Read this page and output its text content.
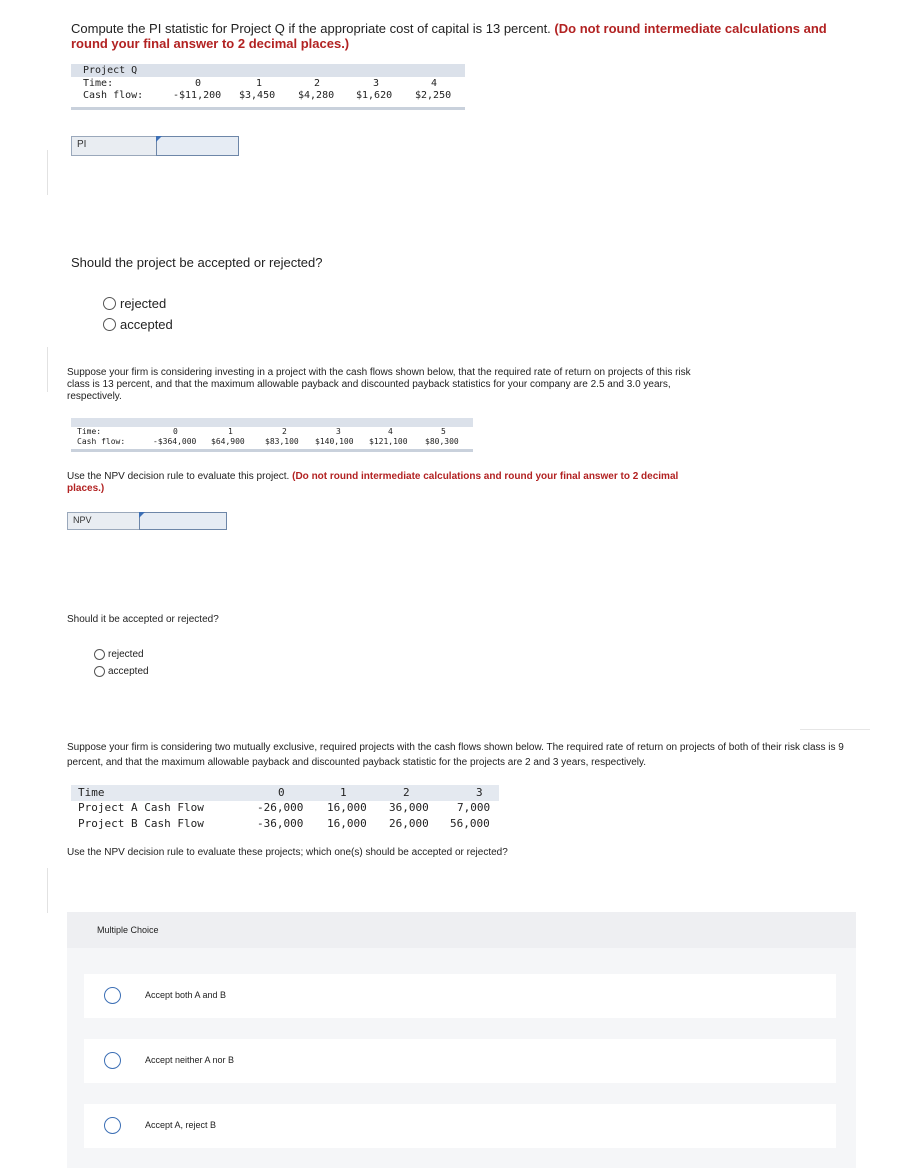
Compute the PI statistic for Project Q if the appropriate cost of capital is 13 percent. (Do not round intermediate calculations and round your final answer to 2 decimal places.)
Project Q
Time:
Cash flow:
0	1	2	3	4
-$11,200 $3,450 $4,280 $1,620 $2,250
PI
Should the project be accepted or rejected?
rejected
accepted
Suppose your firm is considering investing in a project with the cash flows shown below, that the required rate of return on projects of this risk class is 13 percent, and that the maximum allowable payback and discounted payback statistics for your company are 2.5 and 3.0 years, respectively.
Time:
Cash flow:
0	1	2	3	4	5
-$364,000 $64,900	$83,100 $140,100 $121,100 $80,300
Use the NPV decision rule to evaluate this project. (Do not round intermediate calculations and round your final answer to 2 decimal places.)
NPV
Should it be accepted or rejected?
rejected
accepted
Suppose your firm is considering two mutually exclusive, required projects with the cash flows shown below. The required rate of return on projects of both of their risk class is 9 percent, and that the maximum allowable payback and discounted payback statistic for the projects are 2 and 3 years, respectively.
Time	0	1	2	3
Project A Cash Flow	-26,000 16,000 36,000	7,000
Project B Cash Flow	-36,000 16,000 26,000 56,000
Use the NPV decision rule to evaluate these projects; which one(s) should be accepted or rejected?
Multiple Choice
Accept both A and B
Accept neither A nor B
Accept A, reject B
